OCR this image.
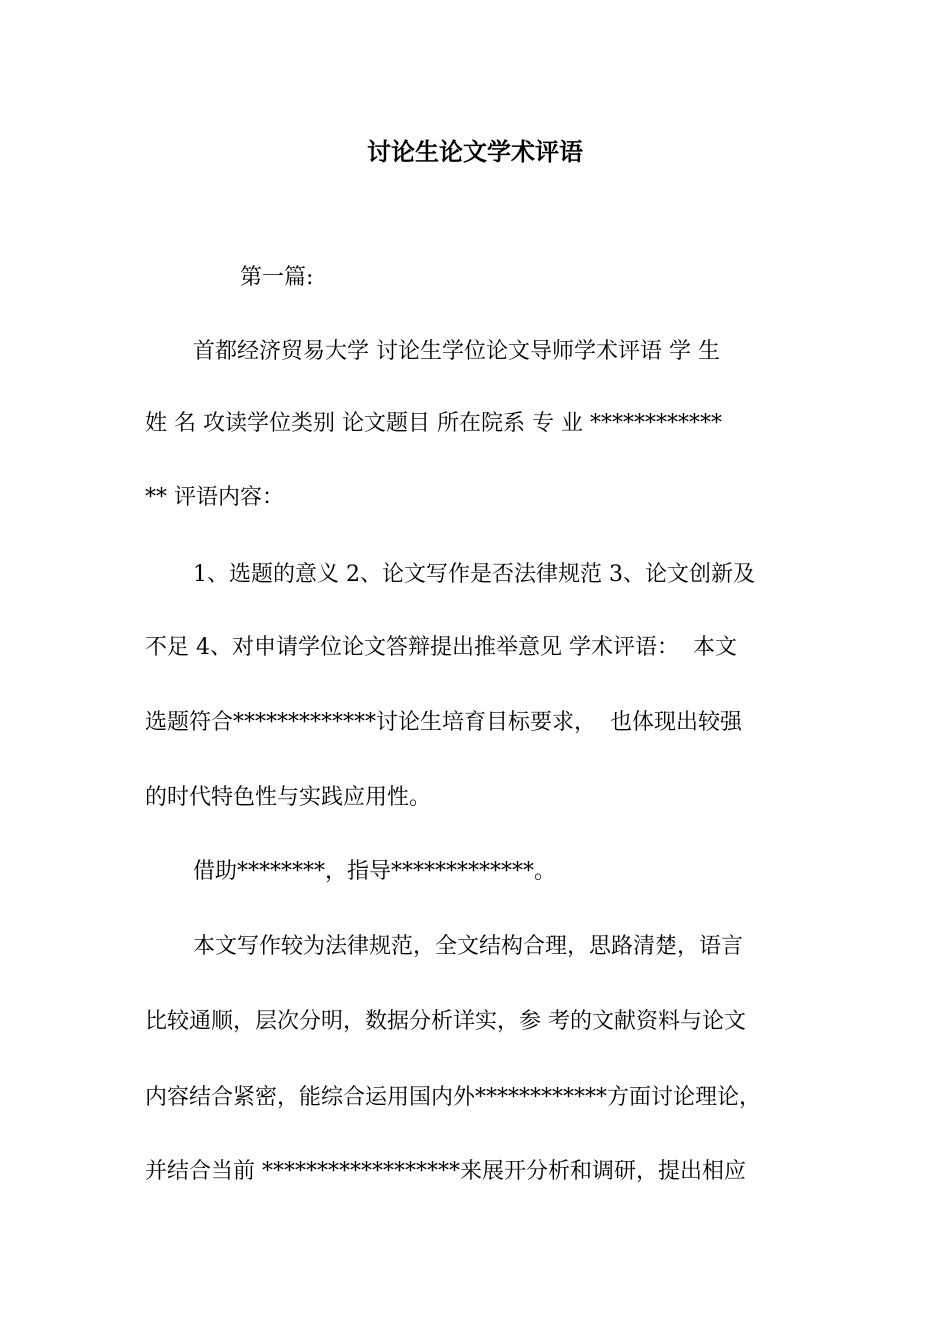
讨论生论文学术评语
第一篇:
首都经济贸易大学 讨论生学位论文导师学术评语 学 生
姓 名 攻读学位类别 论文题目 所在院系 专 业 ************
** 评语内容：
1、选题的意义 2、论文写作是否法律规范 3、论文创新及
不足 4、对申请学位论文答辩提出推举意见 学术评语：  本文
选题符合*************讨论生培育目标要求，  也体现出较强
的时代特色性与实践应用性。
借助********，指导*************。
本文写作较为法律规范，全文结构合理，思路清楚，语言
比较通顺，层次分明，数据分析详实，参 考的文献资料与论文
内容结合紧密，能综合运用国内外************方面讨论理论，
并结合当前 ******************来展开分析和调研，提出相应
